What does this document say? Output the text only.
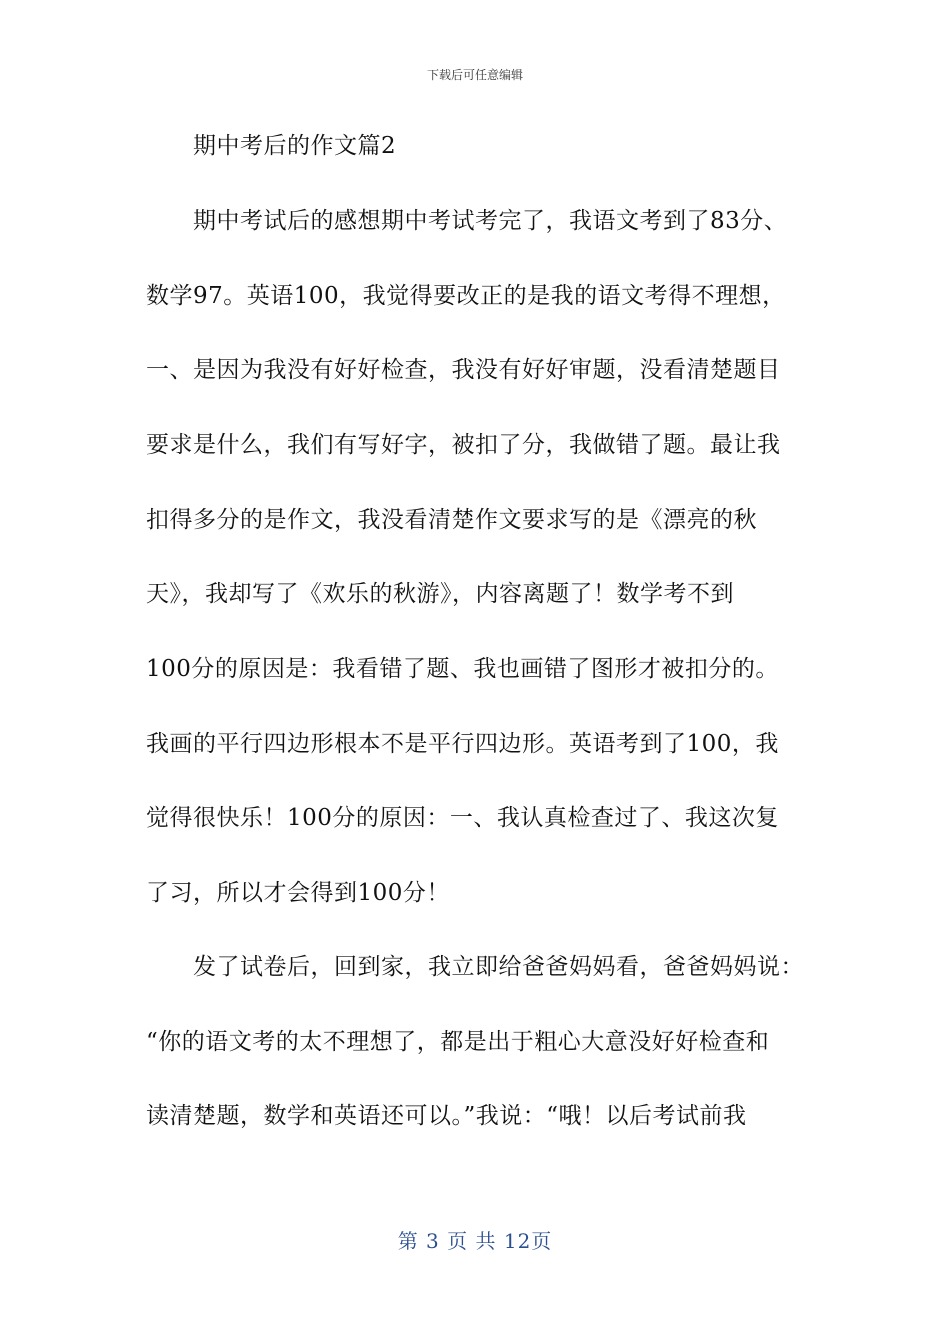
下载后可任意编辑
期中考后的作文篇2
期中考试后的感想期中考试考完了，我语文考到了83分、
数学97。英语100，我觉得要改正的是我的语文考得不理想，
一、是因为我没有好好检查，我没有好好审题，没看清楚题目
要求是什么，我们有写好字，被扣了分，我做错了题。最让我
扣得多分的是作文，我没看清楚作文要求写的是《漂亮的秋
天》，我却写了《欢乐的秋游》，内容离题了！数学考不到
100分的原因是：我看错了题、我也画错了图形才被扣分的。
我画的平行四边形根本不是平行四边形。英语考到了100，我
觉得很快乐！100分的原因：一、我认真检查过了、我这次复
了习，所以才会得到100分！
发了试卷后，回到家，我立即给爸爸妈妈看，爸爸妈妈说：
“你的语文考的太不理想了，都是出于粗心大意没好好检查和
读清楚题，数学和英语还可以。”我说：“哦！以后考试前我
第 3 页 共 12页
